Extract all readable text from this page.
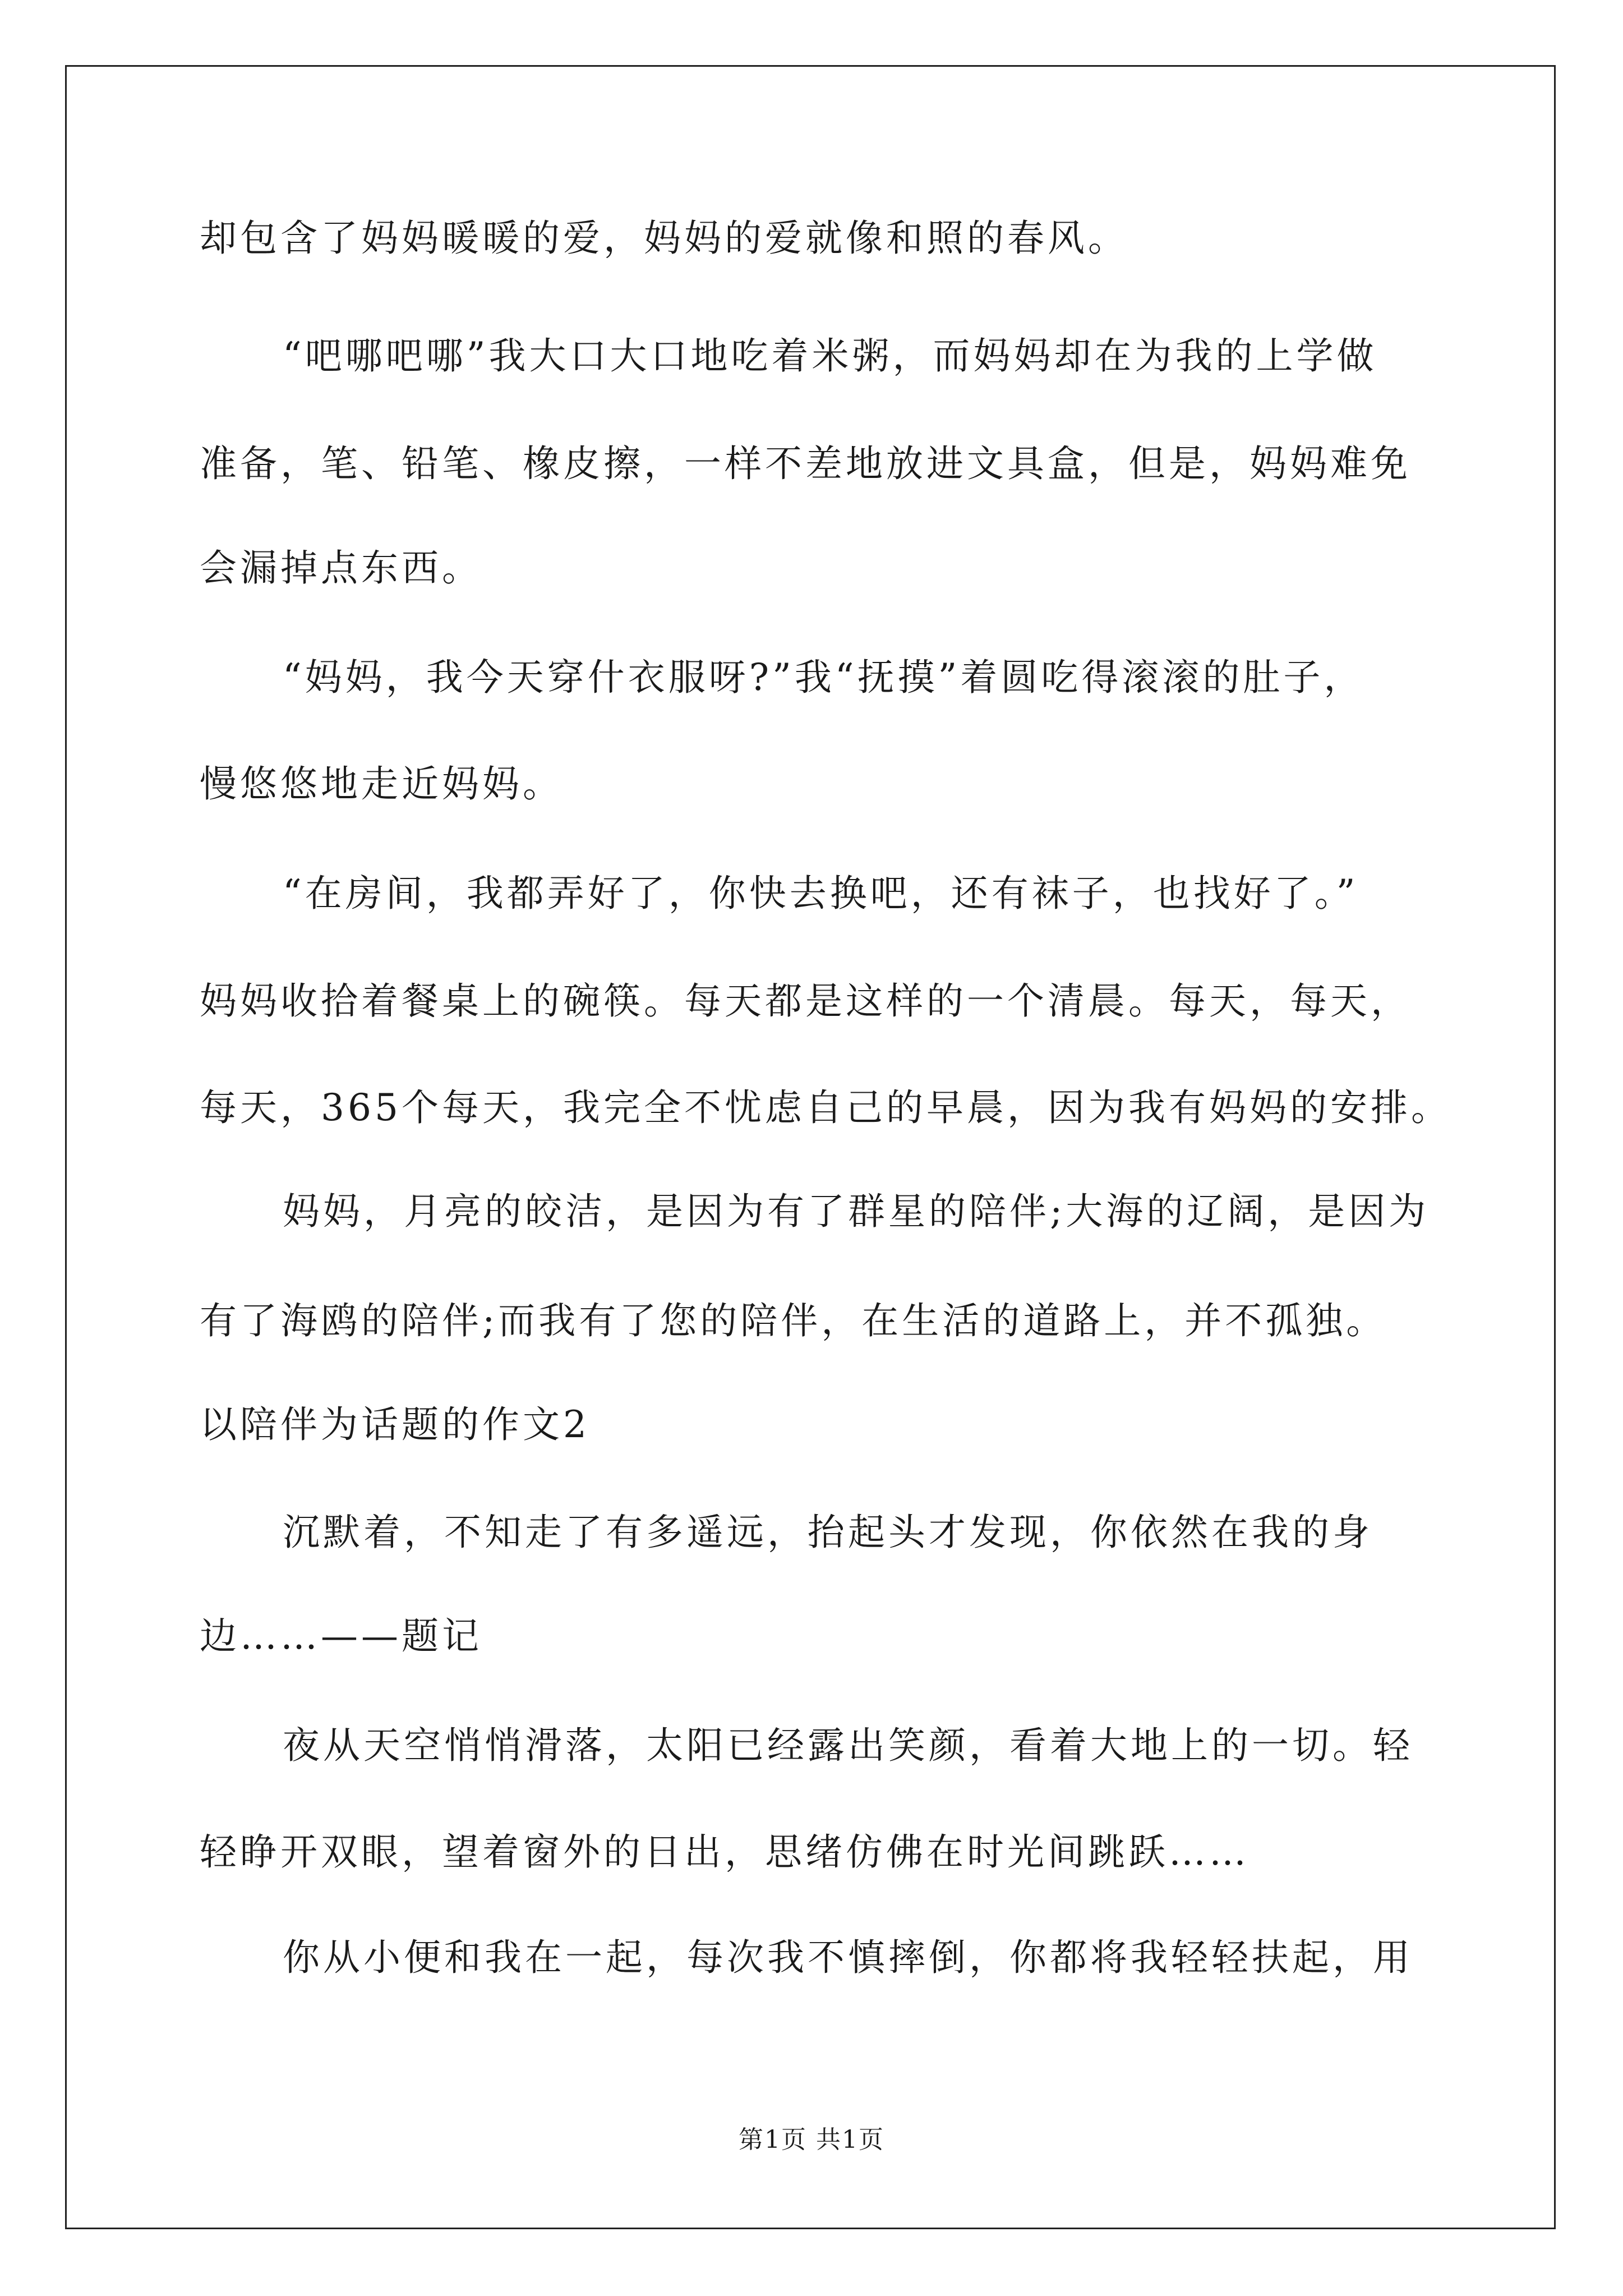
却包含了妈妈暖暖的爱，妈妈的爱就像和照的春风。
“吧哪吧哪”我大口大口地吃着米粥，而妈妈却在为我的上学做
准备，笔、铅笔、橡皮擦，一样不差地放进文具盒，但是，妈妈难免
会漏掉点东西。
“妈妈，我今天穿什衣服呀?”我“抚摸”着圆吃得滚滚的肚子，
慢悠悠地走近妈妈。
“在房间，我都弄好了，你快去换吧，还有袜子，也找好了。”
妈妈收拾着餐桌上的碗筷。每天都是这样的一个清晨。每天，每天，
每天，365个每天，我完全不忧虑自己的早晨，因为我有妈妈的安排。
妈妈，月亮的皎洁，是因为有了群星的陪伴;大海的辽阔，是因为
有了海鸥的陪伴;而我有了您的陪伴，在生活的道路上，并不孤独。
以陪伴为话题的作文2
沉默着，不知走了有多遥远，抬起头才发现，你依然在我的身
边……——题记
夜从天空悄悄滑落，太阳已经露出笑颜，看着大地上的一切。轻
轻睁开双眼，望着窗外的日出，思绪仿佛在时光间跳跃……
你从小便和我在一起，每次我不慎摔倒，你都将我轻轻扶起，用
第1页 共1页
